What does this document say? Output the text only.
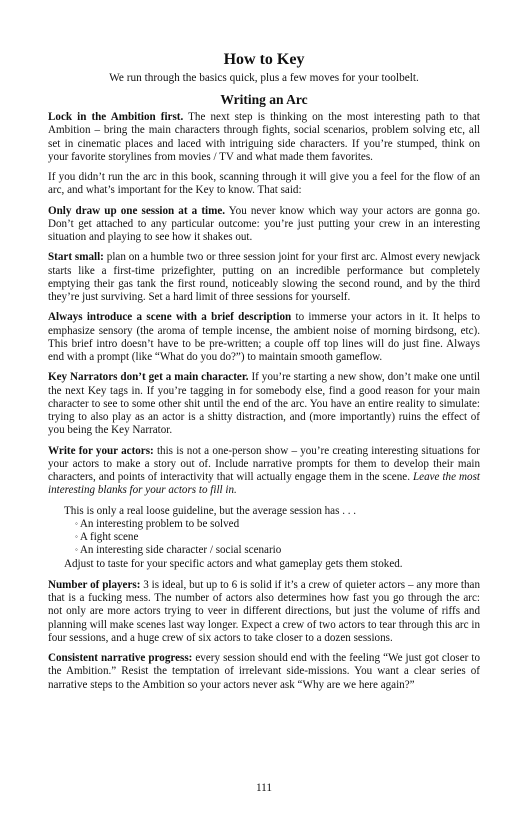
How to Key
We run through the basics quick, plus a few moves for your toolbelt.
Writing an Arc

Lock in the Ambition first. The next step is thinking on the most interesting path to that Ambition – bring the main characters through fights, social scenarios, problem solving etc, all set in cinematic places and laced with intriguing side characters. If you’re stumped, think on your favorite storylines from movies / TV and what made them favorites.

If you didn’t run the arc in this book, scanning through it will give you a feel for the flow of an arc, and what’s important for the Key to know. That said:

Only draw up one session at a time. You never know which way your actors are gonna go. Don’t get attached to any particular outcome: you’re just putting your crew in an interesting situation and playing to see how it shakes out.

Start small: plan on a humble two or three session joint for your first arc. Almost every newjack starts like a first-time prizefighter, putting on an incredible performance but completely emptying their gas tank the first round, noticeably slowing the second round, and by the third they’re just surviving. Set a hard limit of three sessions for yourself.

Always introduce a scene with a brief description to immerse your actors in it. It helps to emphasize sensory (the aroma of temple incense, the ambient noise of morning birdsong, etc). This brief intro doesn’t have to be pre-written; a couple off top lines will do just fine. Always end with a prompt (like “What do you do?”) to maintain smooth gameflow.

Key Narrators don’t get a main character. If you’re starting a new show, don’t make one until the next Key tags in. If you’re tagging in for somebody else, find a good reason for your main character to see to some other shit until the end of the arc. You have an entire reality to simulate: trying to also play as an actor is a shitty distraction, and (more importantly) ruins the effect of you being the Key Narrator.

Write for your actors: this is not a one-person show – you’re creating interesting situations for your actors to make a story out of. Include narrative prompts for them to develop their main characters, and points of interactivity that will actually engage them in the scene. Leave the most interesting blanks for your actors to fill in.

This is only a real loose guideline, but the average session has . . .

◦ An interesting problem to be solved
◦ A fight scene
◦ An interesting side character / social scenario

Adjust to taste for your specific actors and what gameplay gets them stoked.

Number of players: 3 is ideal, but up to 6 is solid if it’s a crew of quieter actors – any more than that is a fucking mess. The number of actors also determines how fast you go through the arc: not only are more actors trying to veer in different directions, but just the volume of riffs and planning will make scenes last way longer. Expect a crew of two actors to tear through this arc in four sessions, and a huge crew of six actors to take closer to a dozen sessions.

Consistent narrative progress: every session should end with the feeling “We just got closer to the Ambition.” Resist the temptation of irrelevant side-missions. You want a clear series of narrative steps to the Ambition so your actors never ask “Why are we here again?”

111
